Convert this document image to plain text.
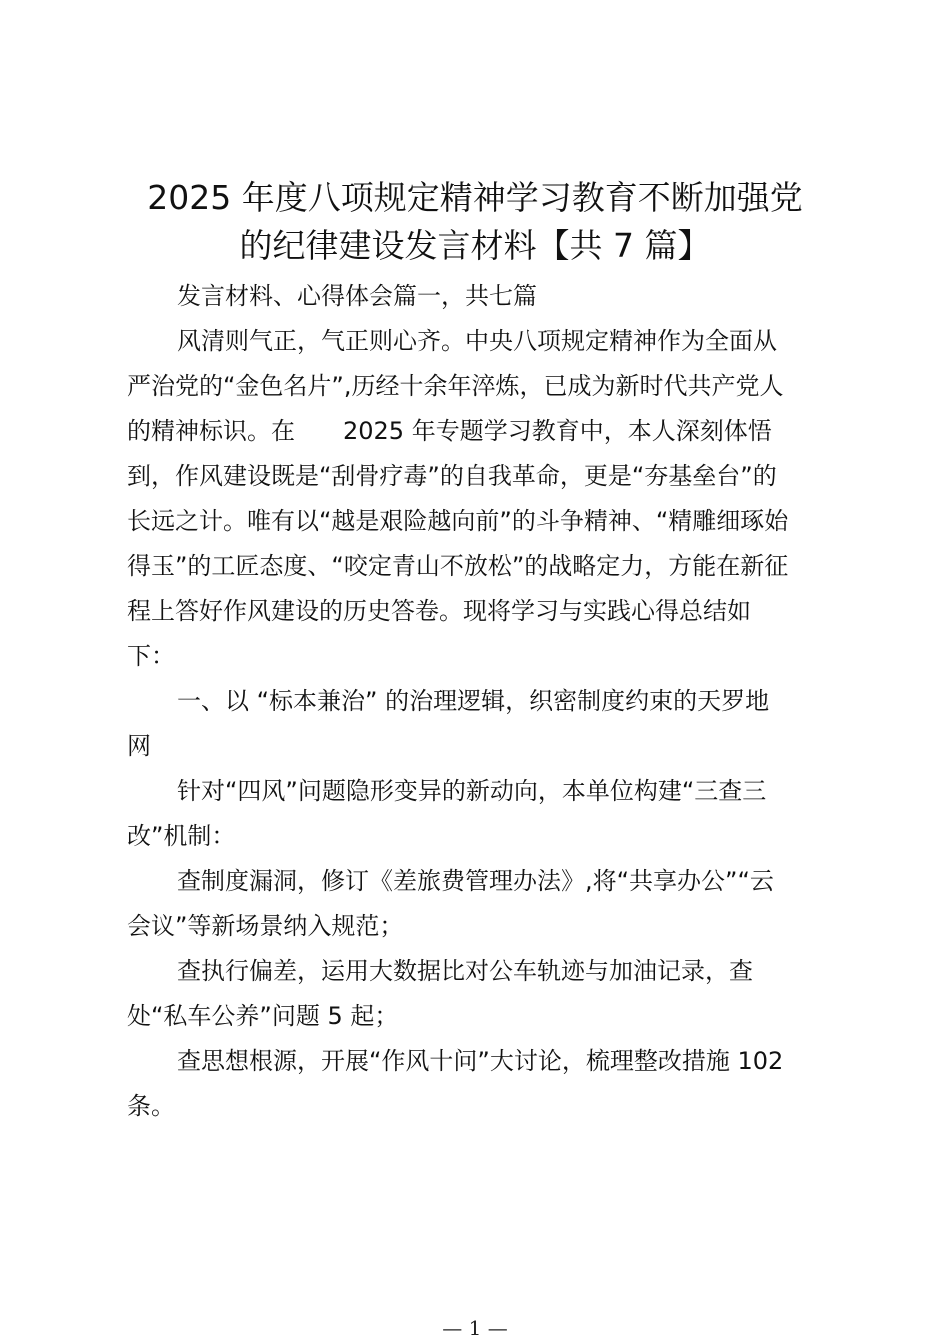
2025 年度八项规定精神学习教育不断加强党
的纪律建设发言材料【共 7 篇】

发言材料、心得体会篇一，共七篇

风清则气正，气正则心齐。中央八项规定精神作为全面从

严治党的“金色名片”,历经十余年淬炼，已成为新时代共产党人

的精神标识。在　　2025 年专题学习教育中，本人深刻体悟

到，作风建设既是“刮骨疗毒”的自我革命，更是“夯基垒台”的

长远之计。唯有以“越是艰险越向前”的斗争精神、“精雕细琢始

得玉”的工匠态度、“咬定青山不放松”的战略定力，方能在新征

程上答好作风建设的历史答卷。现将学习与实践心得总结如

下：

一、以 “标本兼治” 的治理逻辑，织密制度约束的天罗地

网

针对“四风”问题隐形变异的新动向，本单位构建“三查三

改”机制：

查制度漏洞，修订《差旅费管理办法》,将“共享办公”“云

会议”等新场景纳入规范；

查执行偏差，运用大数据比对公车轨迹与加油记录，查

处“私车公养”问题 5 起；

查思想根源，开展“作风十问”大讨论，梳理整改措施 102

条。

— 1 —
